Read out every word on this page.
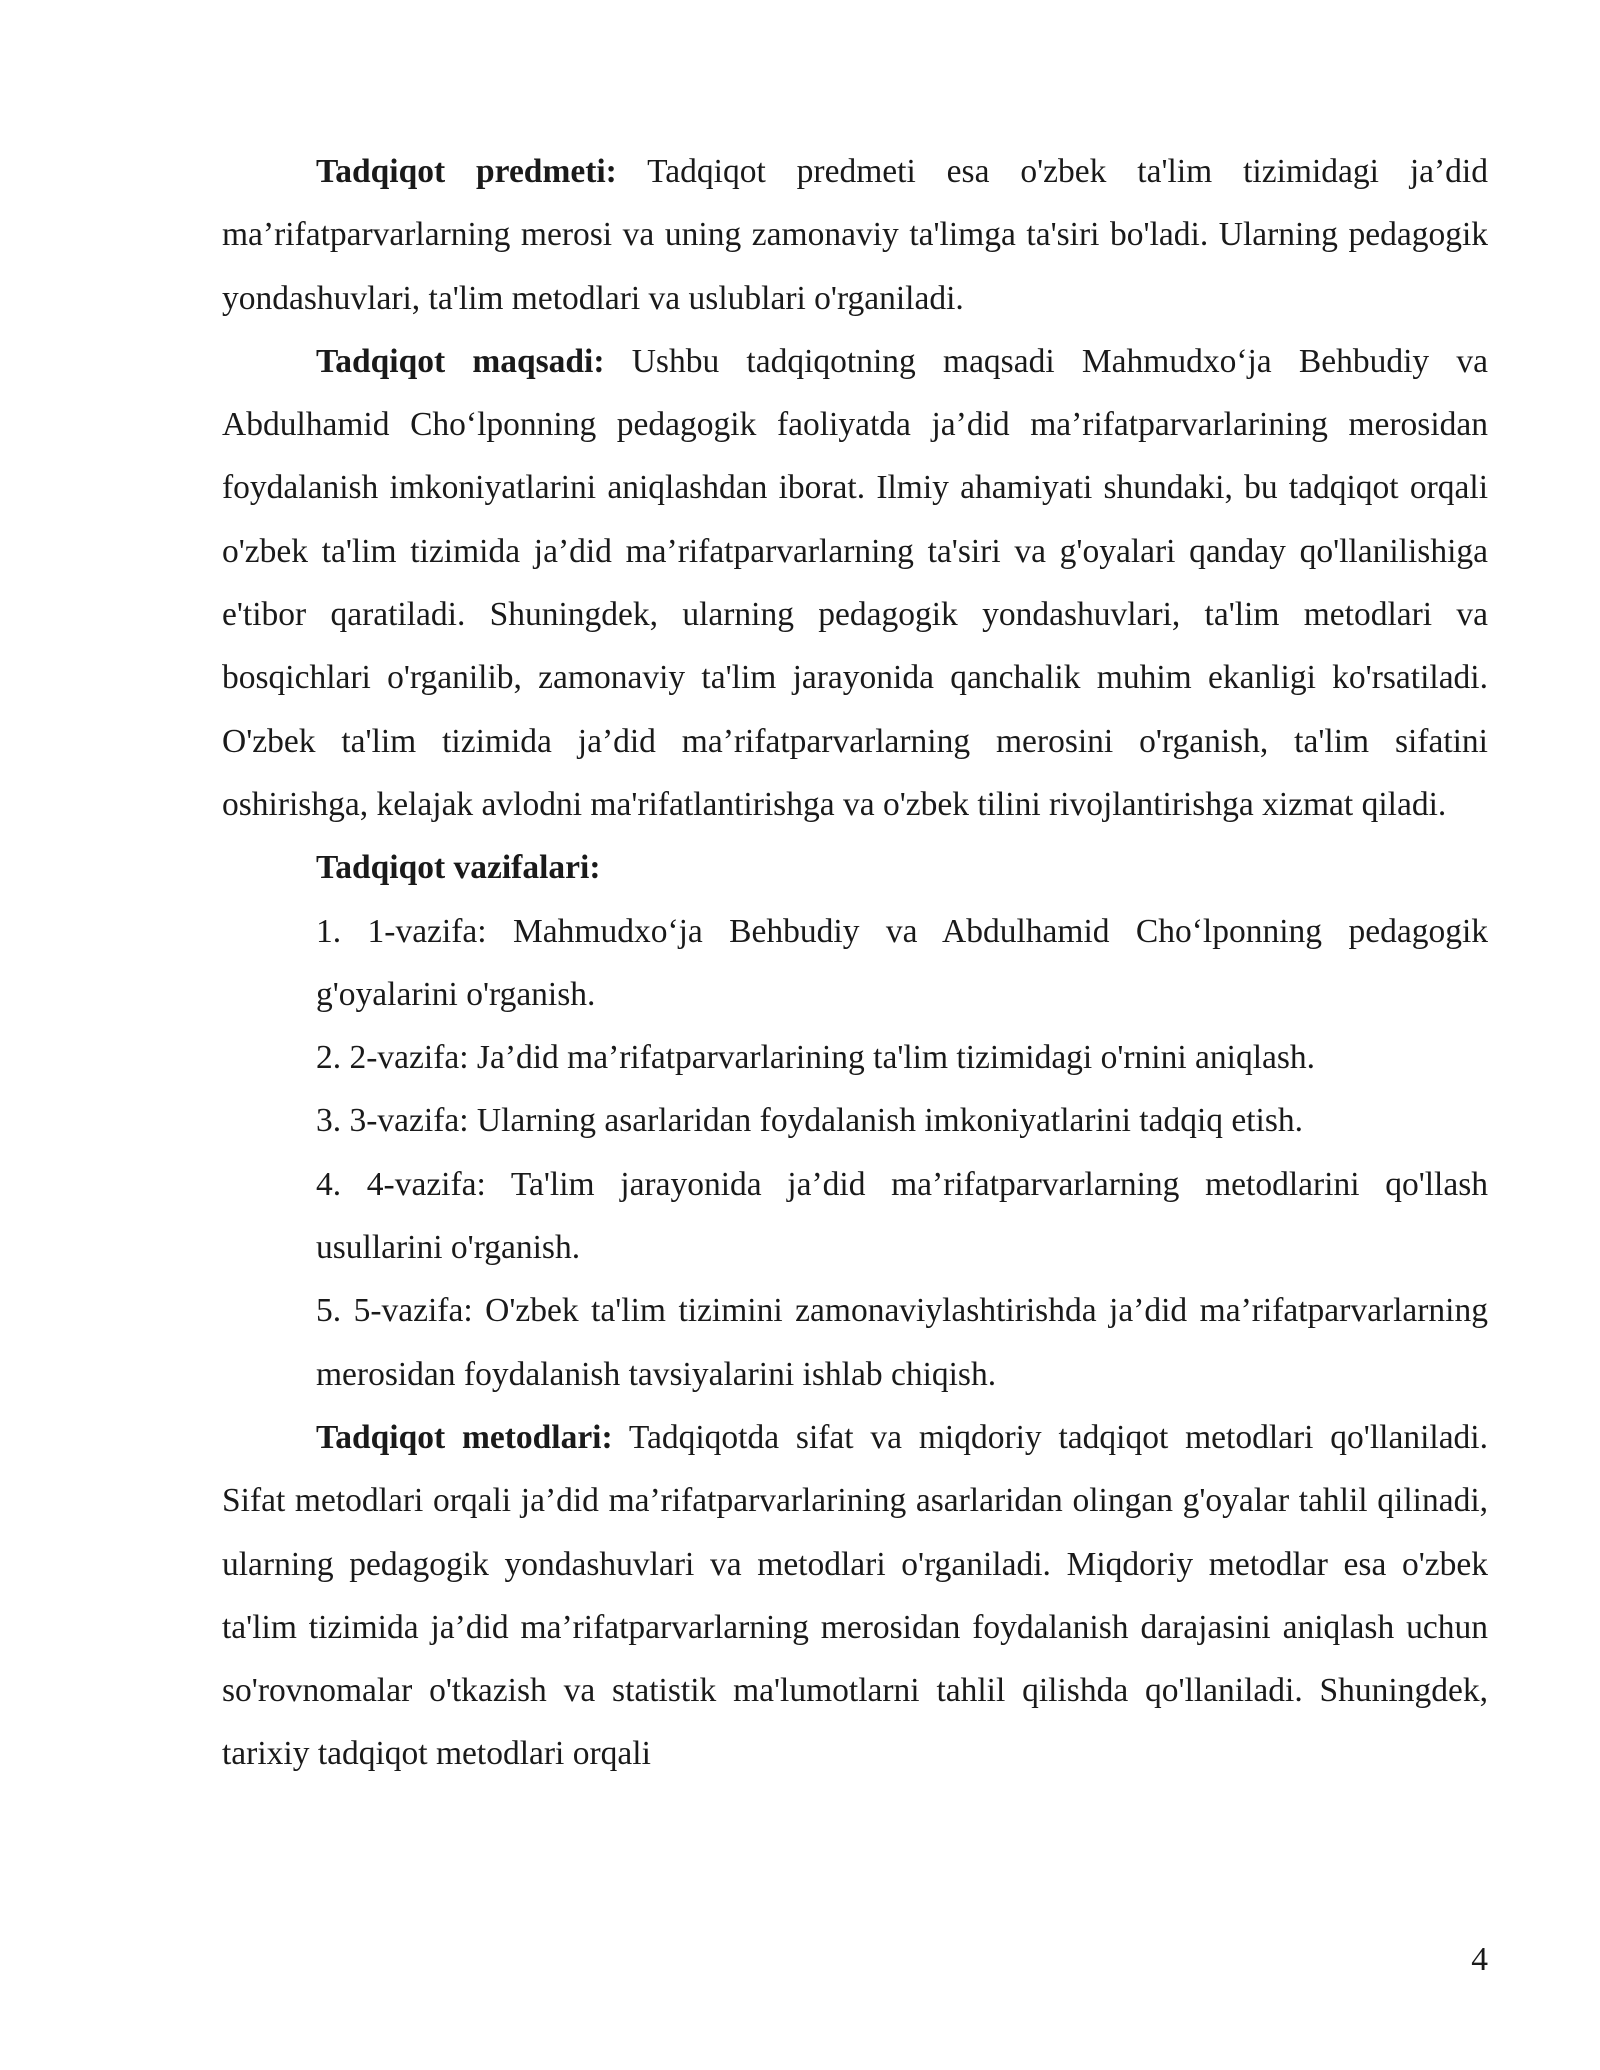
Tadqiqot predmeti: Tadqiqot predmeti esa o'zbek ta'lim tizimidagi ja’did ma’rifatparvarlarning merosi va uning zamonaviy ta'limga ta'siri bo'ladi. Ularning pedagogik yondashuvlari, ta'lim metodlari va uslublari o'rganiladi.

Tadqiqot maqsadi: Ushbu tadqiqotning maqsadi Mahmudxo‘ja Behbudiy va Abdulhamid Cho‘lponning pedagogik faoliyatda ja’did ma’rifatparvarlarining merosidan foydalanish imkoniyatlarini aniqlashdan iborat. Ilmiy ahamiyati shundaki, bu tadqiqot orqali o'zbek ta'lim tizimida ja’did ma’rifatparvarlarning ta'siri va g'oyalari qanday qo'llanilishiga e'tibor qaratiladi. Shuningdek, ularning pedagogik yondashuvlari, ta'lim metodlari va bosqichlari o'rganilib, zamonaviy ta'lim jarayonida qanchalik muhim ekanligi ko'rsatiladi. O'zbek ta'lim tizimida ja’did ma’rifatparvarlarning merosini o'rganish, ta'lim sifatini oshirishga, kelajak avlodni ma'rifatlantirishga va o'zbek tilini rivojlantirishga xizmat qiladi.

Tadqiqot vazifalari:

1. 1-vazifa: Mahmudxo‘ja Behbudiy va Abdulhamid Cho‘lponning pedagogik g'oyalarini o'rganish.

2. 2-vazifa: Ja’did ma’rifatparvarlarining ta'lim tizimidagi o'rnini aniqlash.

3. 3-vazifa: Ularning asarlaridan foydalanish imkoniyatlarini tadqiq etish.

4. 4-vazifa: Ta'lim jarayonida ja’did ma’rifatparvarlarning metodlarini qo'llash usullarini o'rganish.

5. 5-vazifa: O'zbek ta'lim tizimini zamonaviylashtirishda ja’did ma’rifatparvarlarning merosidan foydalanish tavsiyalarini ishlab chiqish.

Tadqiqot metodlari: Tadqiqotda sifat va miqdoriy tadqiqot metodlari qo'llaniladi. Sifat metodlari orqali ja’did ma’rifatparvarlarining asarlaridan olingan g'oyalar tahlil qilinadi, ularning pedagogik yondashuvlari va metodlari o'rganiladi. Miqdoriy metodlar esa o'zbek ta'lim tizimida ja’did ma’rifatparvarlarning merosidan foydalanish darajasini aniqlash uchun so'rovnomalar o'tkazish va statistik ma'lumotlarni tahlil qilishda qo'llaniladi. Shuningdek, tarixiy tadqiqot metodlari orqali

4
